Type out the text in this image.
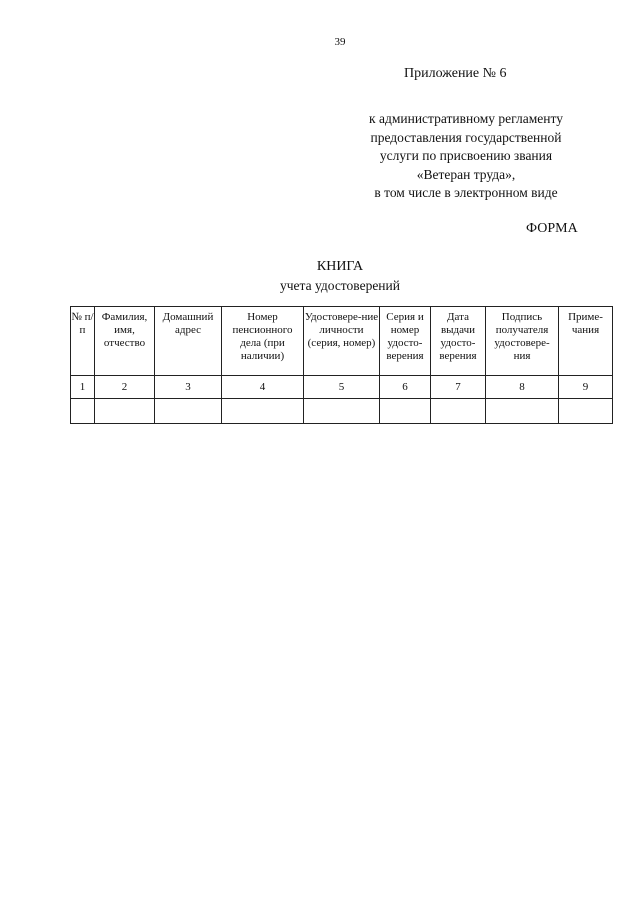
39
Приложение № 6
к административному регламенту
предоставления государственной
услуги по присвоению звания
«Ветеран труда»,
в том числе в электронном виде
ФОРМА
КНИГА
учета удостоверений
№ п/п	Фамилия, имя, отчество	Домашний адрес	Номер пенсионного дела (при наличии)	Удостовере-ние личности (серия, номер)	Серия и номер удосто-верения	Дата выдачи удосто-верения	Подпись получателя удостовере-ния	Приме-чания
1	2	3	4	5	6	7	8	9
